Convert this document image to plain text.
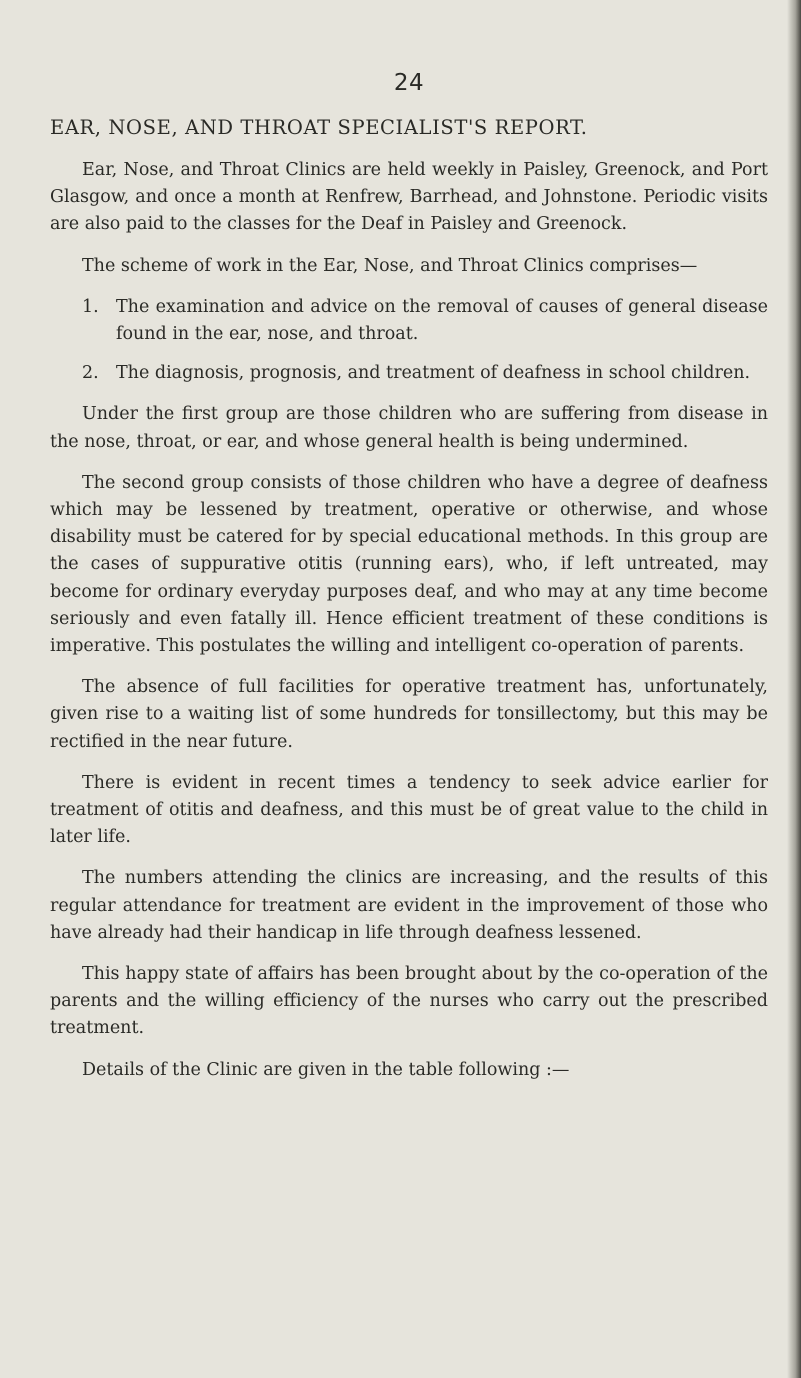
24
EAR, NOSE, AND THROAT SPECIALIST'S REPORT.

Ear, Nose, and Throat Clinics are held weekly in Paisley, Greenock, and Port Glasgow, and once a month at Renfrew, Barrhead, and Johnstone. Periodic visits are also paid to the classes for the Deaf in Paisley and Greenock.

The scheme of work in the Ear, Nose, and Throat Clinics comprises—

1. The examination and advice on the removal of causes of general disease found in the ear, nose, and throat.
2. The diagnosis, prognosis, and treatment of deafness in school children.

Under the first group are those children who are suffering from disease in the nose, throat, or ear, and whose general health is being undermined.

The second group consists of those children who have a degree of deafness which may be lessened by treatment, operative or otherwise, and whose disability must be catered for by special educational methods. In this group are the cases of suppurative otitis (running ears), who, if left untreated, may become for ordinary everyday purposes deaf, and who may at any time become seriously and even fatally ill. Hence efficient treatment of these conditions is imperative. This postulates the willing and intelligent co-operation of parents.

The absence of full facilities for operative treatment has, unfortunately, given rise to a waiting list of some hundreds for tonsillectomy, but this may be rectified in the near future.

There is evident in recent times a tendency to seek advice earlier for treatment of otitis and deafness, and this must be of great value to the child in later life.

The numbers attending the clinics are increasing, and the results of this regular attendance for treatment are evident in the improvement of those who have already had their handicap in life through deafness lessened.

This happy state of affairs has been brought about by the co-operation of the parents and the willing efficiency of the nurses who carry out the prescribed treatment.

Details of the Clinic are given in the table following :—
